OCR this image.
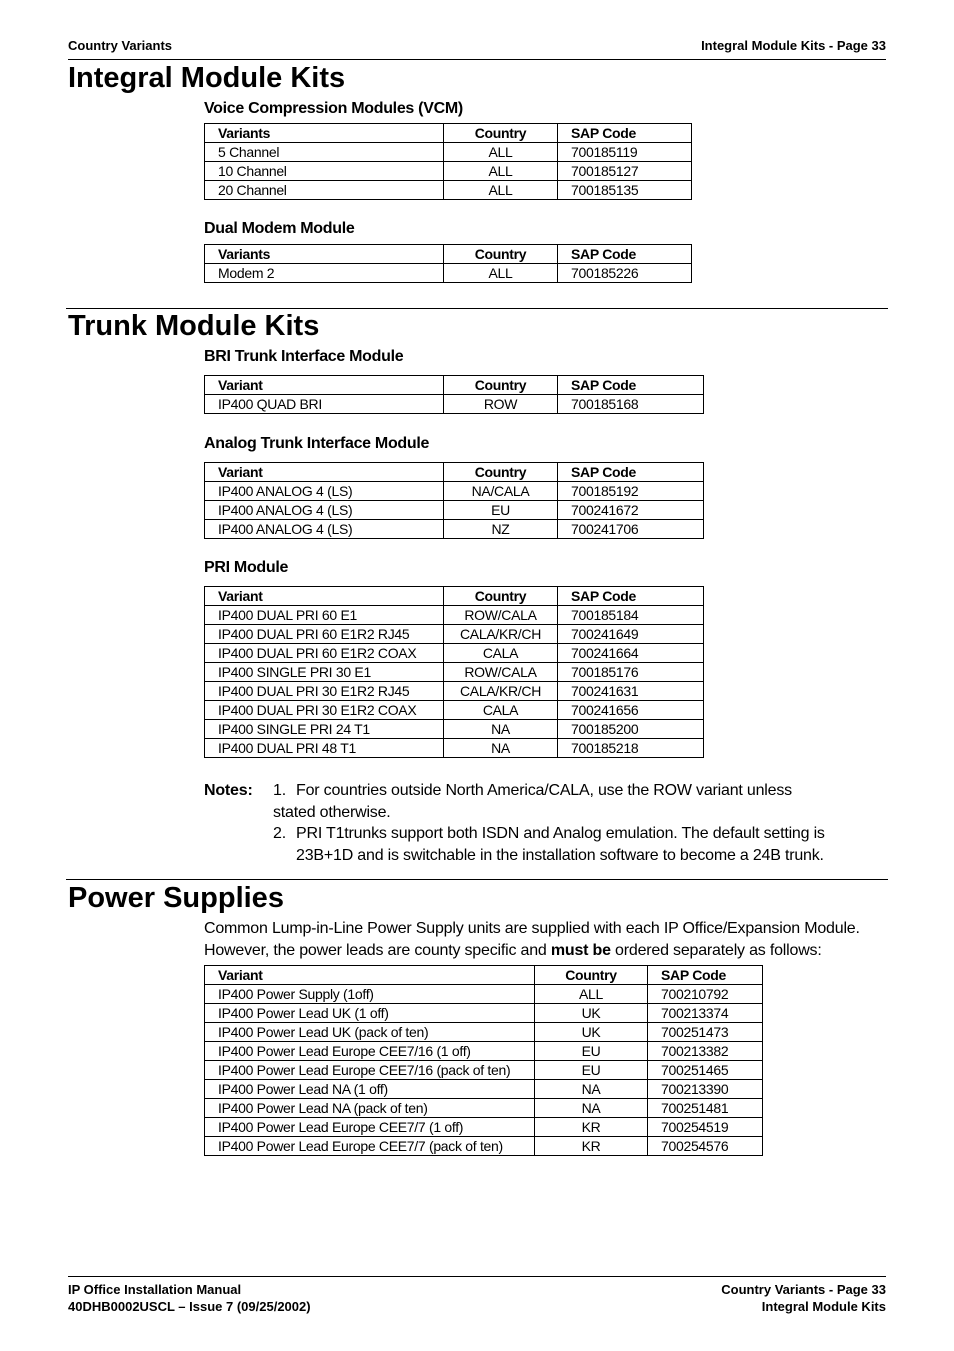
Country Variants	Integral Module Kits - Page 33
Integral Module Kits
Voice Compression Modules (VCM)
Variants	Country	SAP Code
5 Channel	ALL	700185119
10 Channel	ALL	700185127
20 Channel	ALL	700185135
Dual Modem Module
Variants	Country	SAP Code
Modem 2	ALL	700185226
Trunk Module Kits
BRI Trunk Interface Module
Variant	Country	SAP Code
IP400 QUAD BRI	ROW	700185168
Analog Trunk Interface Module
Variant	Country	SAP Code
IP400 ANALOG 4 (LS)	NA/CALA	700185192
IP400 ANALOG 4 (LS)	EU	700241672
IP400 ANALOG 4 (LS)	NZ	700241706
PRI Module
Variant	Country	SAP Code
IP400 DUAL PRI 60 E1	ROW/CALA	700185184
IP400 DUAL PRI 60 E1R2 RJ45	CALA/KR/CH	700241649
IP400 DUAL PRI 60 E1R2 COAX	CALA	700241664
IP400 SINGLE PRI 30 E1	ROW/CALA	700185176
IP400 DUAL PRI 30 E1R2 RJ45	CALA/KR/CH	700241631
IP400 DUAL PRI 30 E1R2 COAX	CALA	700241656
IP400 SINGLE PRI 24 T1	NA	700185200
IP400 DUAL PRI 48 T1	NA	700185218
Notes: 1. For countries outside North America/CALA, use the ROW variant unless
stated otherwise.
2. PRI T1trunks support both ISDN and Analog emulation. The default setting is
23B+1D and is switchable in the installation software to become a 24B trunk.
Power Supplies
Common Lump-in-Line Power Supply units are supplied with each IP Office/Expansion Module.
However, the power leads are county specific and must be ordered separately as follows:
Variant	Country	SAP Code
IP400 Power Supply (1off)	ALL	700210792
IP400 Power Lead UK (1 off)	UK	700213374
IP400 Power Lead UK (pack of ten)	UK	700251473
IP400 Power Lead Europe CEE7/16 (1 off)	EU	700213382
IP400 Power Lead Europe CEE7/16 (pack of ten)	EU	700251465
IP400 Power Lead NA (1 off)	NA	700213390
IP400 Power Lead NA (pack of ten)	NA	700251481
IP400 Power Lead Europe CEE7/7 (1 off)	KR	700254519
IP400 Power Lead Europe CEE7/7 (pack of ten)	KR	700254576
IP Office Installation Manual
40DHB0002USCL – Issue 7 (09/25/2002)
Country Variants - Page 33
Integral Module Kits
